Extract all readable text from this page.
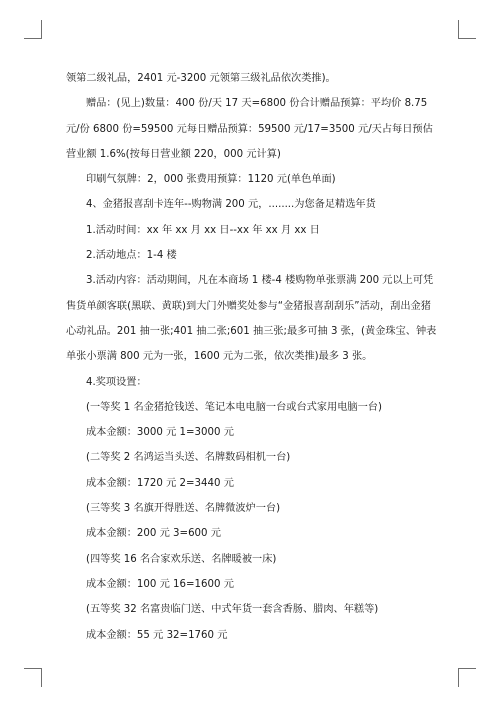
领第二级礼品，2401 元-3200 元领第三级礼品依次类推)。

赠品：(见上)数量：400 份/天 17 天=6800 份合计赠品预算：平均价 8.75 元/份 6800 份=59500 元每日赠品预算：59500 元/17=3500 元/天占每日预估营业额 1.6%(按每日营业额 220，000 元计算)

印刷气氛牌：2，000 张费用预算：1120 元(单色单面)

4、金猪报喜刮卡连年--购物满 200 元，........为您备足精选年货

1.活动时间：xx 年 xx 月 xx 日--xx 年 xx 月 xx 日

2.活动地点：1-4 楼

3.活动内容：活动期间，凡在本商场 1 楼-4 楼购物单张票满 200 元以上可凭售货单颜客联(黑联、黄联)到大门外赠奖处参与“金猪报喜刮刮乐”活动，刮出金猪心动礼品。201 抽一张;401 抽二张;601 抽三张;最多可抽 3 张，(黄金珠宝、钟表单张小票满 800 元为一张，1600 元为二张，依次类推)最多 3 张。

4.奖项设置：

(一等奖 1 名金猪抢钱送、笔记本电电脑一台或台式家用电脑一台)

成本金额：3000 元 1=3000 元

(二等奖 2 名鸿运当头送、名牌数码相机一台)

成本金额：1720 元 2=3440 元

(三等奖 3 名旗开得胜送、名牌微波炉一台)

成本金额：200 元 3=600 元

(四等奖 16 名合家欢乐送、名牌暖被一床)

成本金额：100 元 16=1600 元

(五等奖 32 名富贵临门送、中式年货一套含香肠、腊肉、年糕等)

成本金额：55 元 32=1760 元
